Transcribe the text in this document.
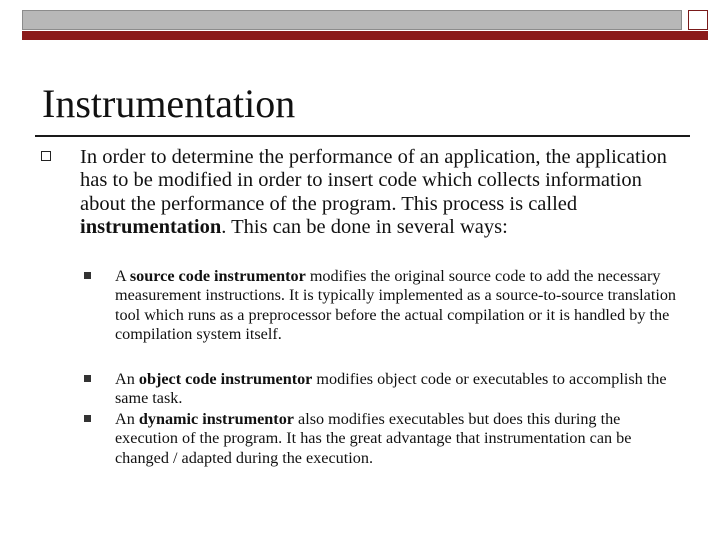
Instrumentation
In order to determine the performance of an application, the application has to be modified in order to insert code which collects information about the performance of the program. This process is called instrumentation. This can be done in several ways:
A source code instrumentor modifies the original source code to add the necessary measurement instructions. It is typically implemented as a source-to-source translation tool which runs as a preprocessor before the actual compilation or it is handled by the compilation system itself.
An object code instrumentor modifies object code or executables to accomplish the same task.
An dynamic instrumentor also modifies executables but does this during the execution of the program. It has the great advantage that instrumentation can be changed / adapted during the execution.
